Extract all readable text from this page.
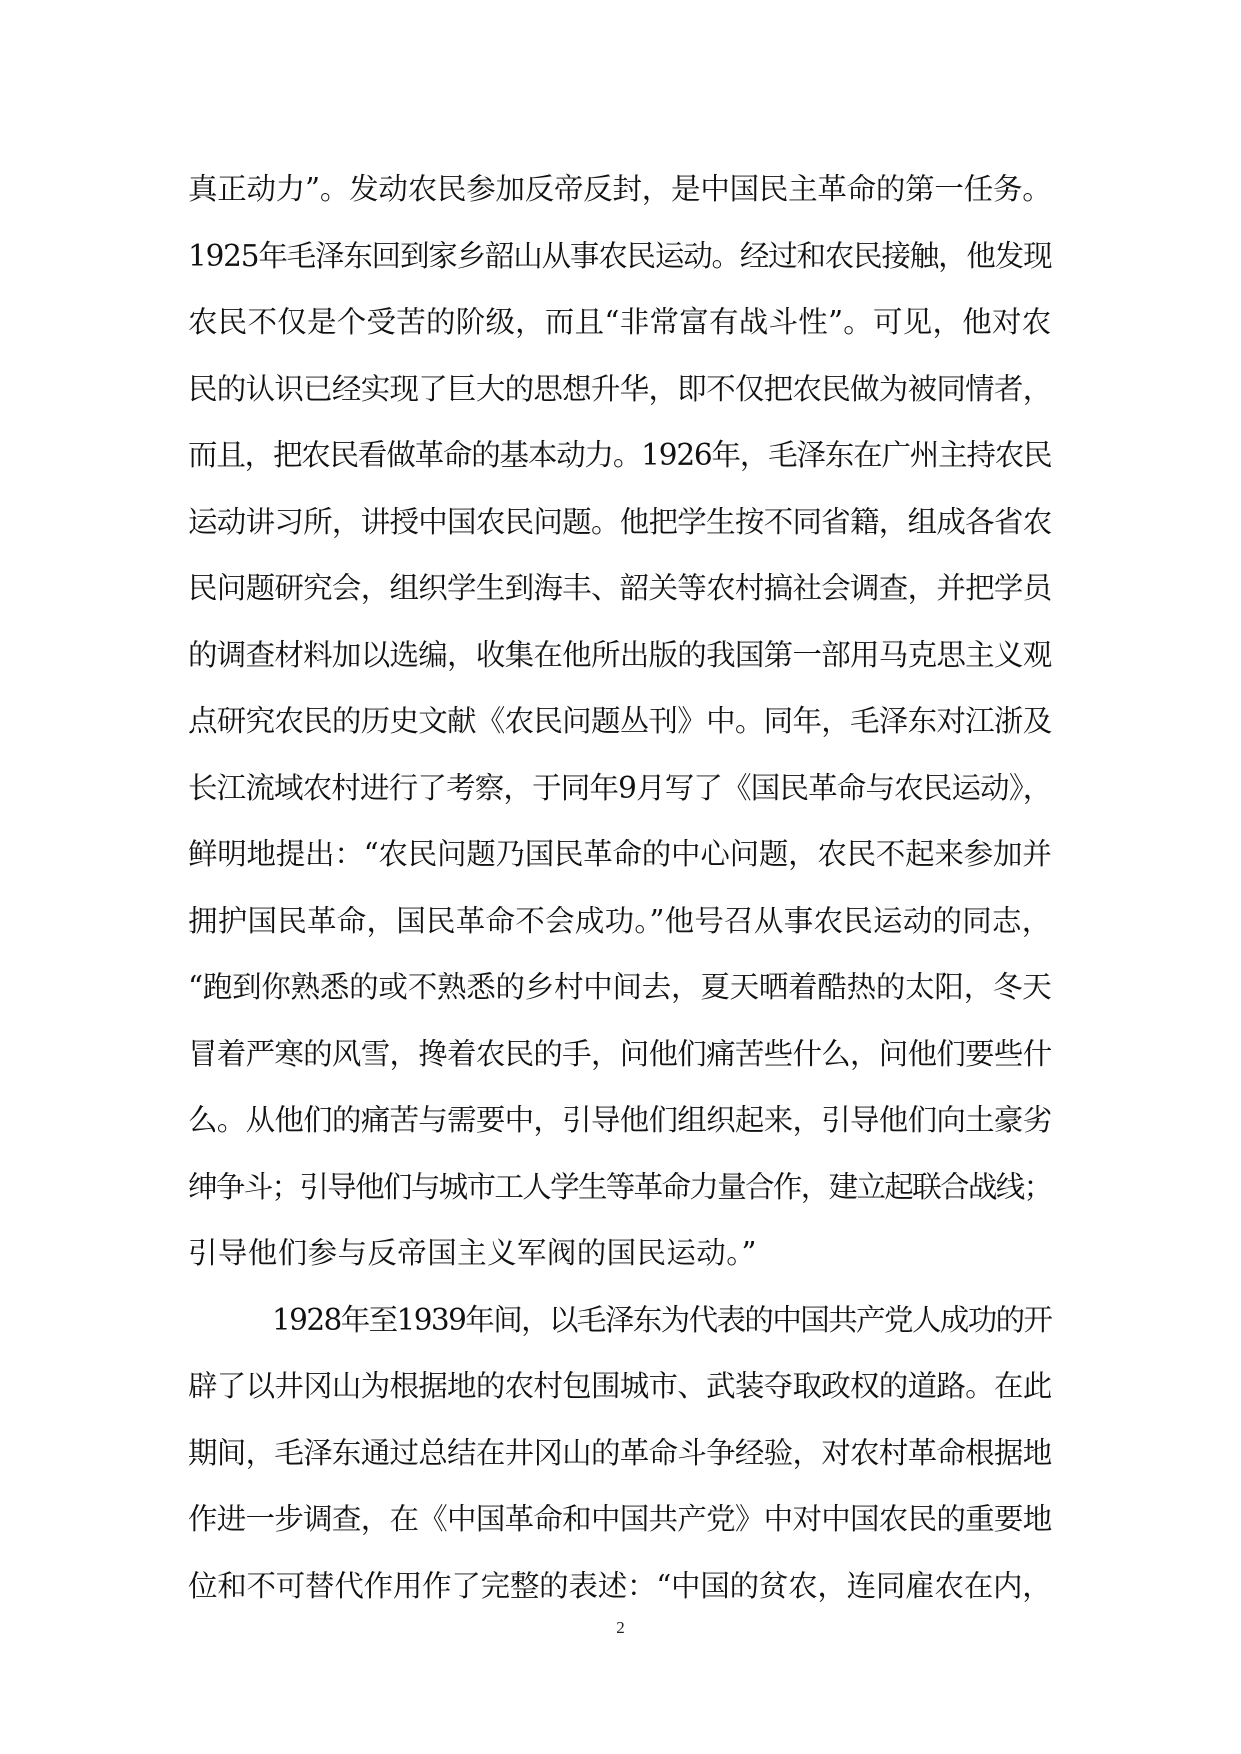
真正动力”。发动农民参加反帝反封，是中国民主革命的第一任务。
1925年毛泽东回到家乡韶山从事农民运动。经过和农民接触，他发现
农民不仅是个受苦的阶级，而且“非常富有战斗性”。可见，他对农
民的认识已经实现了巨大的思想升华，即不仅把农民做为被同情者，
而且，把农民看做革命的基本动力。1926年，毛泽东在广州主持农民
运动讲习所，讲授中国农民问题。他把学生按不同省籍，组成各省农
民问题研究会，组织学生到海丰、韶关等农村搞社会调查，并把学员
的调查材料加以选编，收集在他所出版的我国第一部用马克思主义观
点研究农民的历史文献《农民问题丛刊》中。同年，毛泽东对江浙及
长江流域农村进行了考察，于同年9月写了《国民革命与农民运动》，
鲜明地提出：“农民问题乃国民革命的中心问题，农民不起来参加并
拥护国民革命，国民革命不会成功。”他号召从事农民运动的同志，
“跑到你熟悉的或不熟悉的乡村中间去，夏天晒着酷热的太阳，冬天
冒着严寒的风雪，搀着农民的手，问他们痛苦些什么，问他们要些什
么。从他们的痛苦与需要中，引导他们组织起来，引导他们向土豪劣
绅争斗；引导他们与城市工人学生等革命力量合作，建立起联合战线；
引导他们参与反帝国主义军阀的国民运动。”
1928年至1939年间，以毛泽东为代表的中国共产党人成功的开
辟了以井冈山为根据地的农村包围城市、武装夺取政权的道路。在此
期间，毛泽东通过总结在井冈山的革命斗争经验，对农村革命根据地
作进一步调查，在《中国革命和中国共产党》中对中国农民的重要地
位和不可替代作用作了完整的表述：“中国的贫农，连同雇农在内，
2
